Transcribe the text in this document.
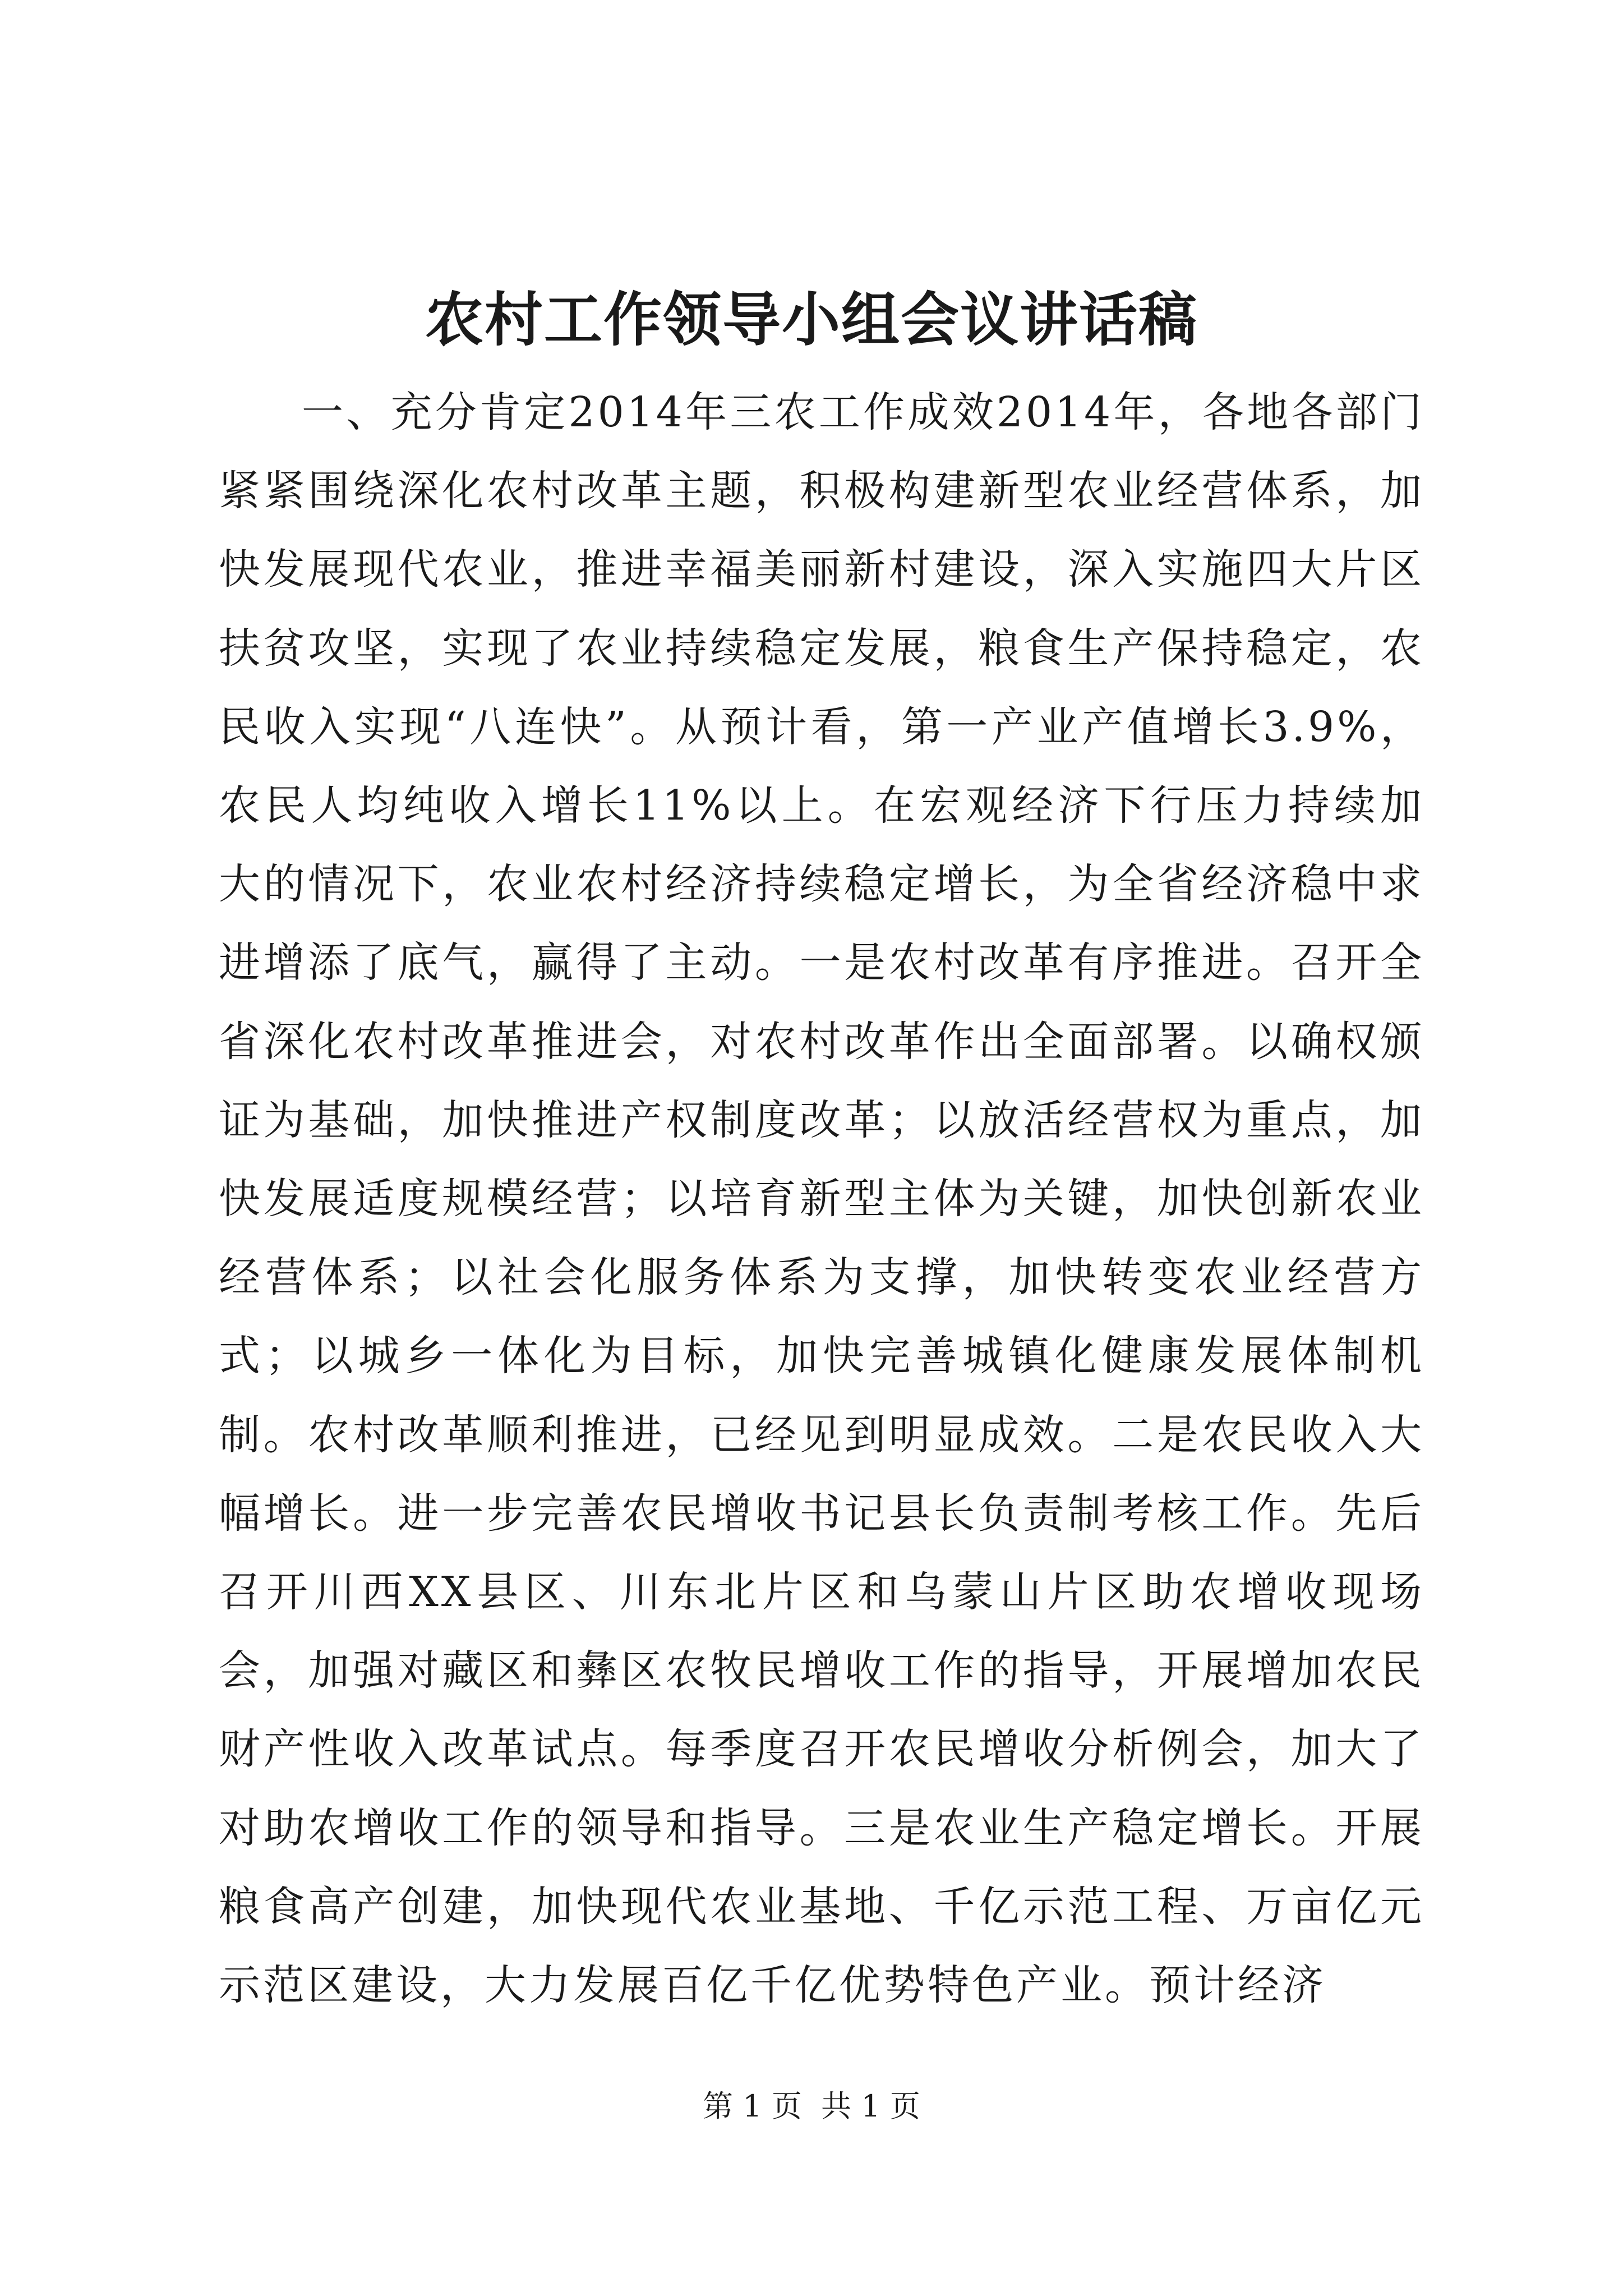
农村工作领导小组会议讲话稿

一、充分肯定2014年三农工作成效2014年，各地各部门紧紧围绕深化农村改革主题，积极构建新型农业经营体系，加快发展现代农业，推进幸福美丽新村建设，深入实施四大片区扶贫攻坚，实现了农业持续稳定发展，粮食生产保持稳定，农民收入实现“八连快”。从预计看，第一产业产值增长3.9%，农民人均纯收入增长11%以上。在宏观经济下行压力持续加大的情况下，农业农村经济持续稳定增长，为全省经济稳中求进增添了底气，赢得了主动。一是农村改革有序推进。召开全省深化农村改革推进会，对农村改革作出全面部署。以确权颁证为基础，加快推进产权制度改革；以放活经营权为重点，加快发展适度规模经营；以培育新型主体为关键，加快创新农业经营体系；以社会化服务体系为支撑，加快转变农业经营方式；以城乡一体化为目标，加快完善城镇化健康发展体制机制。农村改革顺利推进，已经见到明显成效。二是农民收入大幅增长。进一步完善农民增收书记县长负责制考核工作。先后召开川西XX县区、川东北片区和乌蒙山片区助农增收现场会，加强对藏区和彝区农牧民增收工作的指导，开展增加农民财产性收入改革试点。每季度召开农民增收分析例会，加大了对助农增收工作的领导和指导。三是农业生产稳定增长。开展粮食高产创建，加快现代农业基地、千亿示范工程、万亩亿元示范区建设，大力发展百亿千亿优势特色产业。预计经济

第 1 页  共 1 页
